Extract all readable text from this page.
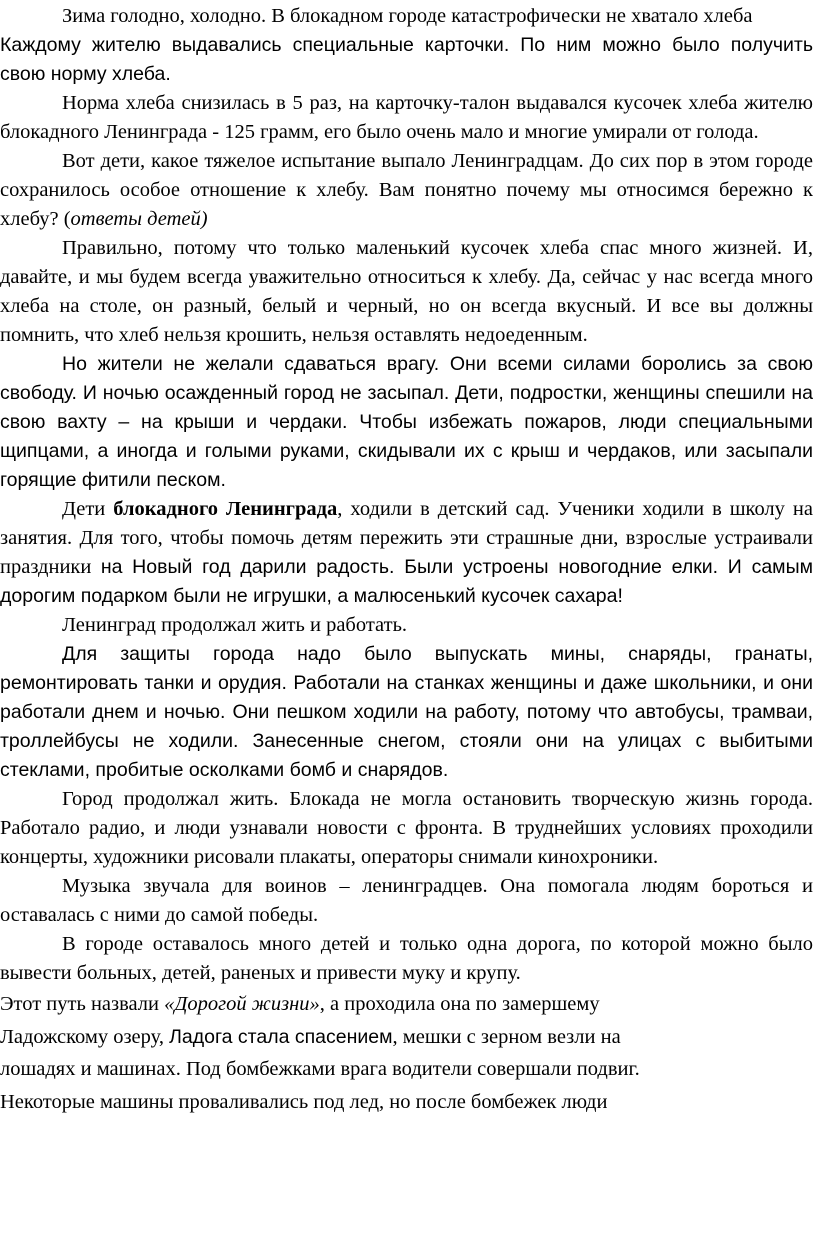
Зима голодно, холодно. В блокадном городе катастрофически не хватало хлеба

Каждому жителю выдавались специальные карточки. По ним можно было получить свою норму хлеба.

Норма хлеба снизилась в 5 раз, на карточку-талон выдавался кусочек хлеба жителю блокадного Ленинграда - 125 грамм, его было очень мало и многие умирали от голода.

Вот дети, какое тяжелое испытание выпало Ленинградцам. До сих пор в этом городе сохранилось особое отношение к хлебу. Вам понятно почему мы относимся бережно к хлебу? (ответы детей)

Правильно, потому что только маленький кусочек хлеба спас много жизней. И, давайте, и мы будем всегда уважительно относиться к хлебу. Да, сейчас у нас всегда много хлеба на столе, он разный, белый и черный, но он всегда вкусный. И все вы должны помнить, что хлеб нельзя крошить, нельзя оставлять недоеденным.

Но жители не желали сдаваться врагу. Они всеми силами боролись за свою свободу. И ночью осажденный город не засыпал. Дети, подростки, женщины спешили на свою вахту – на крыши и чердаки. Чтобы избежать пожаров, люди специальными щипцами, а иногда и голыми руками, скидывали их с крыш и чердаков, или засыпали горящие фитили песком.

Дети блокадного Ленинграда, ходили в детский сад. Ученики ходили в школу на занятия. Для того, чтобы помочь детям пережить эти страшные дни, взрослые устраивали праздники на Новый год дарили радость. Были устроены новогодние елки. И самым дорогим подарком были не игрушки, а малюсенький кусочек сахара!

Ленинград продолжал жить и работать.

Для защиты города надо было выпускать мины, снаряды, гранаты, ремонтировать танки и орудия. Работали на станках женщины и даже школьники, и они работали днем и ночью. Они пешком ходили на работу, потому что автобусы, трамваи, троллейбусы не ходили. Занесенные снегом, стояли они на улицах с выбитыми стеклами, пробитые осколками бомб и снарядов.

Город продолжал жить. Блокада не могла остановить творческую жизнь города. Работало радио, и люди узнавали новости с фронта. В труднейших условиях проходили концерты, художники рисовали плакаты, операторы снимали кинохроники.

Музыка звучала для воинов – ленинградцев. Она помогала людям бороться и оставалась с ними до самой победы.

В городе оставалось много детей и только одна дорога, по которой можно было вывести больных, детей, раненых и привести муку и крупу.

Этот путь назвали «Дорогой жизни», а проходила она по замершему
Ладожскому озеру, Ладога стала спасением, мешки с зерном везли на
лошадях и машинах. Под бомбежками врага водители совершали подвиг.
Некоторые машины проваливались под лед, но после бомбежек люди
